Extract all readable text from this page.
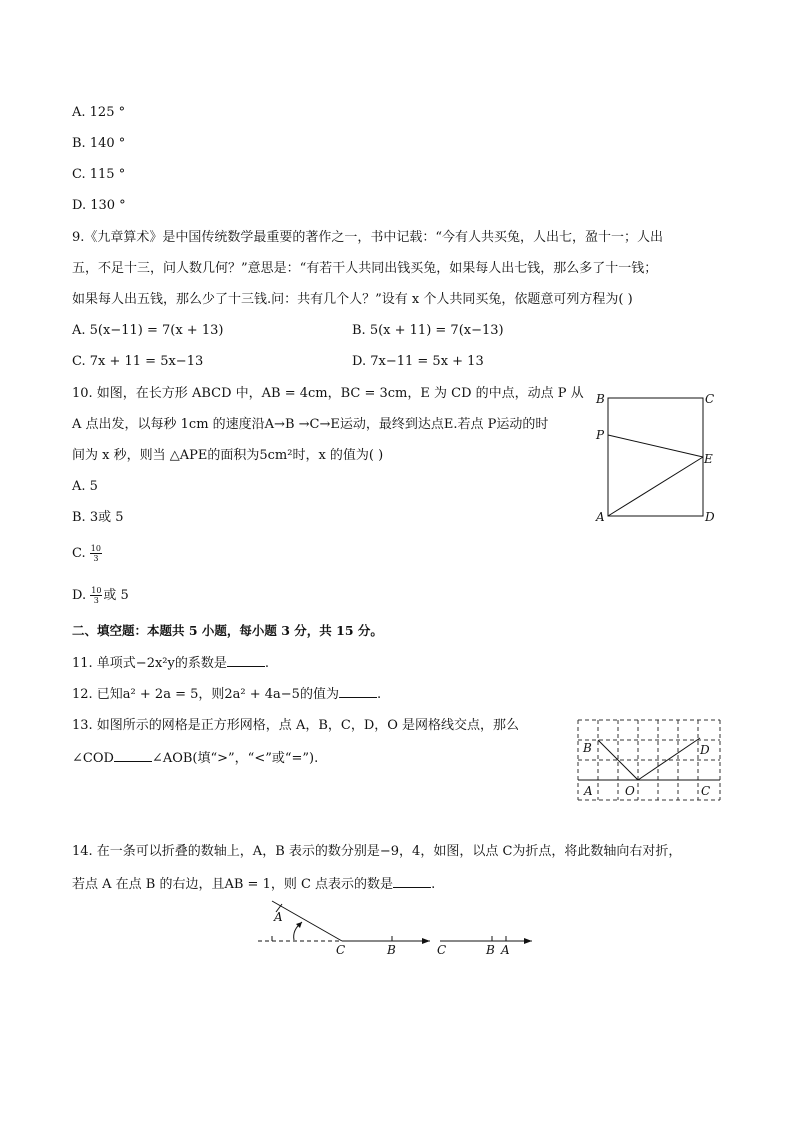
A. 125 °
B. 140 °
C. 115 °
D. 130 °
9.《九章算术》是中国传统数学最重要的著作之一，书中记载：“今有人共买兔，人出七，盈十一；人出
五，不足十三，问人数几何？”意思是：“有若干人共同出钱买兔，如果每人出七钱，那么多了十一钱；
如果每人出五钱，那么少了十三钱.问：共有几个人？”设有 x 个人共同买兔，依题意可列方程为( )
A. 5(x−11) = 7(x + 13)	B. 5(x + 11) = 7(x−13)
C. 7x + 11 = 5x−13	D. 7x−11 = 5x + 13
10. 如图，在长方形 ABCD 中，AB = 4cm，BC = 3cm，E 为 CD 的中点，动点 P 从
A 点出发，以每秒 1cm 的速度沿A→B →C→E运动，最终到达点E.若点 P运动的时
间为 x 秒，则当 △APE的面积为5cm²时，x 的值为( )
A. 5
B. 3或 5
C. $\frac{10}{3}$
D. $\frac{10}{3}$ 或 5
B	C
P
E
A	D
二、填空题：本题共 5 小题，每小题 3 分，共 15 分。
11. 单项式−2x²y的系数是	.
12. 已知a² + 2a = 5，则2a² + 4a−5的值为	.
13. 如图所示的网格是正方形网格，点 A，B，C，D，O 是网格线交点，那么
∠COD	∠AOB(填“>”，“<”或“=”).
B	D
A	O	C
14. 在一条可以折叠的数轴上，A，B 表示的数分别是−9，4，如图，以点 C为折点，将此数轴向右对折，
若点 A 在点 B 的右边，且AB = 1，则 C 点表示的数是	.
A
C	B	C	B A
